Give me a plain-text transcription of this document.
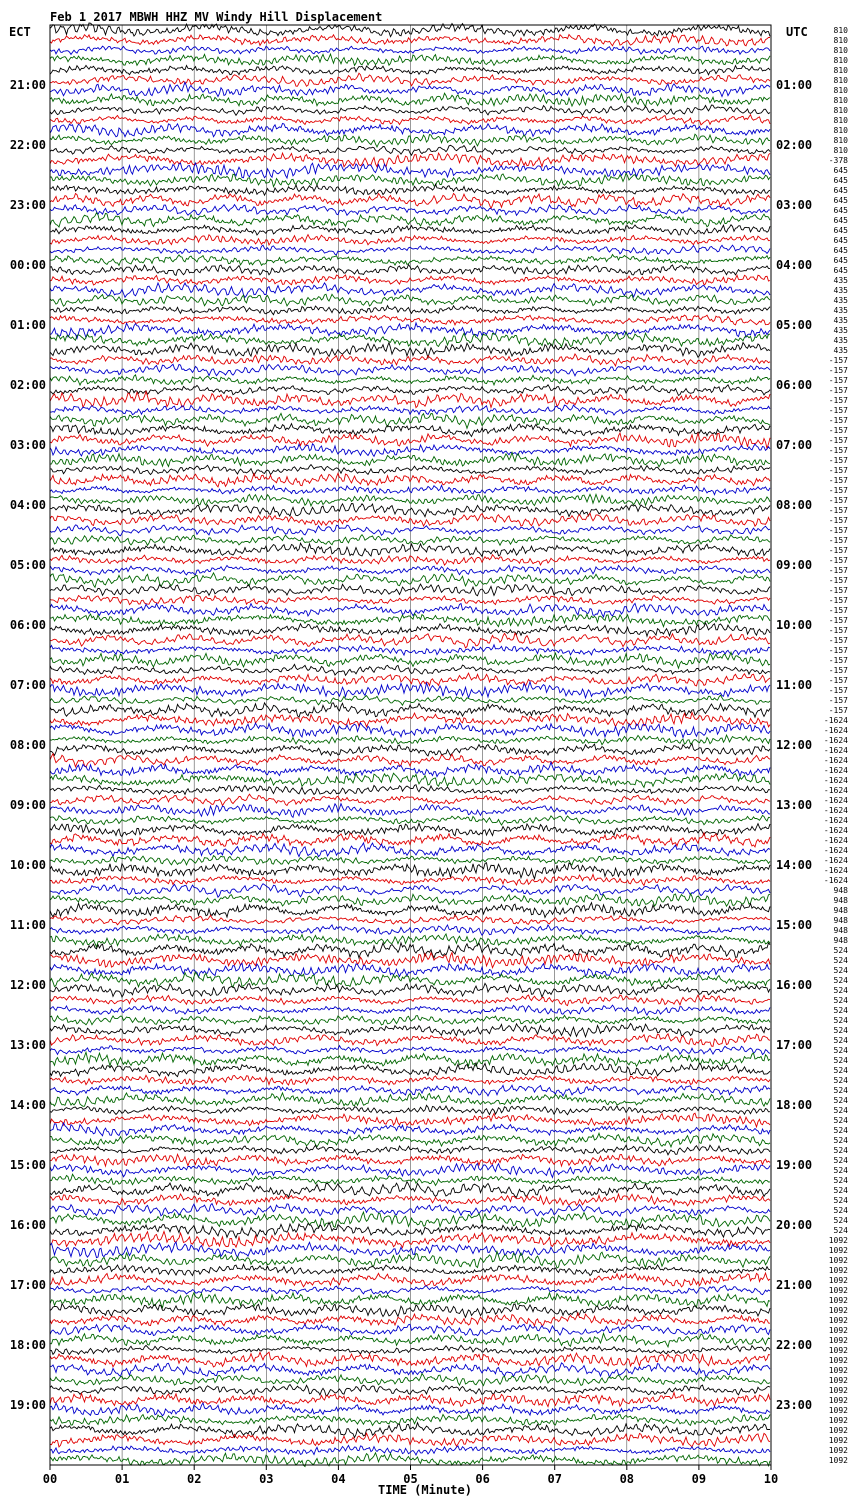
Feb 1 2017 MBWH HHZ MV Windy Hill Displacement
ECT	UTC
21:00
22:00
23:00
00:00
01:00
02:00
03:00
04:00
05:00
06:00
07:00
08:00
09:00
10:00
11:00
12:00
13:00
14:00
15:00
16:00
17:00
18:00
19:00
01:00
02:00
03:00
04:00
05:00
06:00
07:00
08:00
09:00
10:00
11:00
12:00
13:00
14:00
15:00
16:00
17:00
18:00
19:00
20:00
21:00
22:00
23:00
810
810
810
810
810
810
810
810
810
810
810
810
810
-378
645
645
645
645
645
645
645
645
645
645
645
435
435
435
435
435
435
435
435
-157
-157
-157
-157
-157
-157
-157
-157
-157
-157
-157
-157
-157
-157
-157
-157
-157
-157
-157
-157
-157
-157
-157
-157
-157
-157
-157
-157
-157
-157
-157
-157
-157
-157
-157
-157
-1624
-1624
-1624
-1624
-1624
-1624
-1624
-1624
-1624
-1624
-1624
-1624
-1624
-1624
-1624
-1624
-1624
948
948
948
948
948
948
524
524
524
524
524
524
524
524
524
524
524
524
524
524
524
524
524
524
524
524
524
524
524
524
524
524
524
524
524
1092
1092
1092
1092
1092
1092
1092
1092
1092
1092
1092
1092
1092
1092
1092
1092
1092
1092
1092
1092
1092
1092
1092
00	01	02	03	04	05	06	07	08	09	10
TIME (Minute)
